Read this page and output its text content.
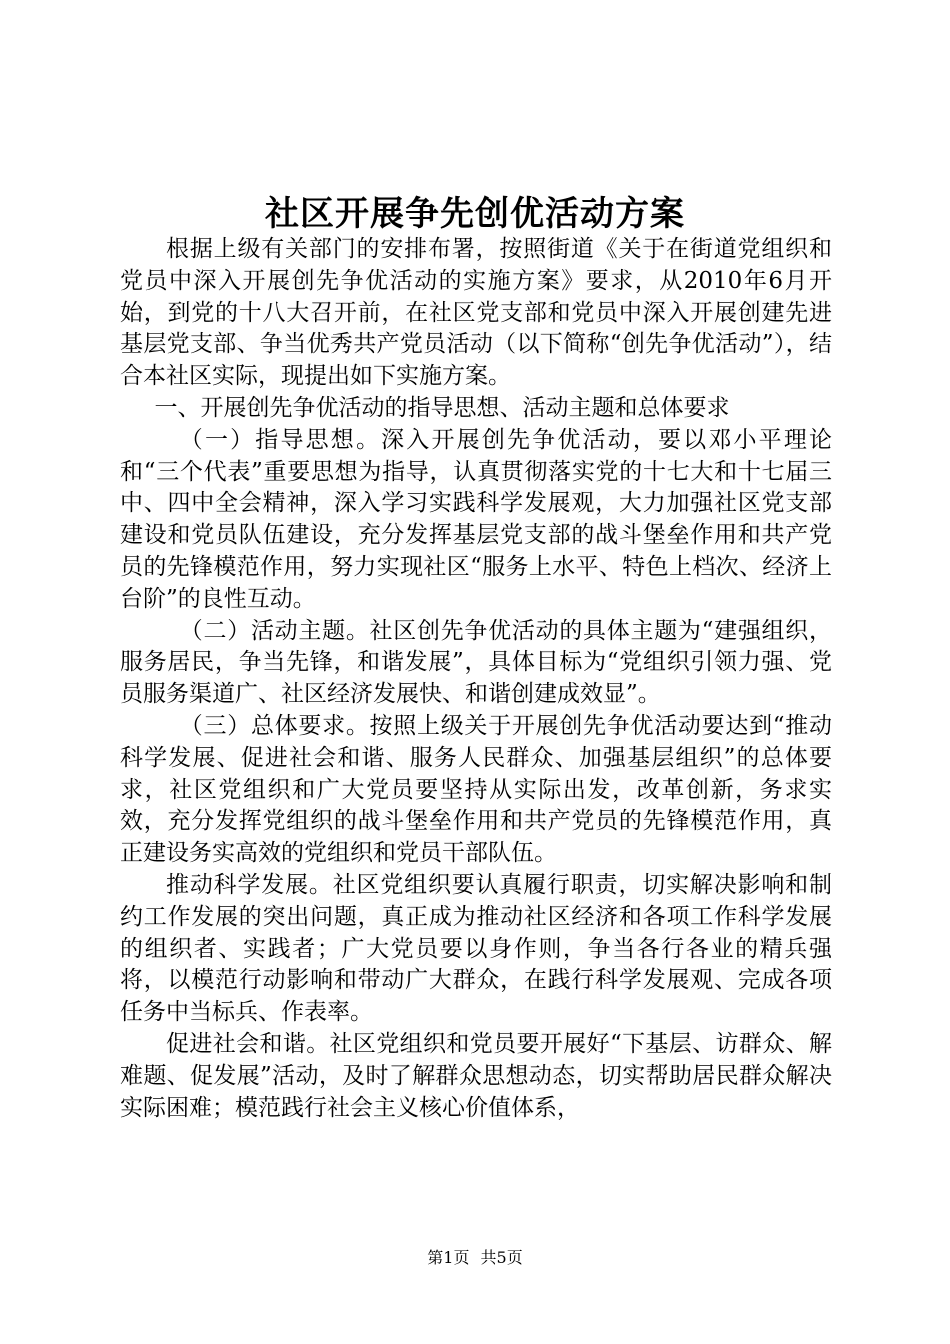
社区开展争先创优活动方案

根据上级有关部门的安排布署，按照街道《关于在街道党组织和党员中深入开展创先争优活动的实施方案》要求，从2010年6月开始，到党的十八大召开前，在社区党支部和党员中深入开展创建先进基层党支部、争当优秀共产党员活动（以下简称“创先争优活动”），结合本社区实际，现提出如下实施方案。

一、开展创先争优活动的指导思想、活动主题和总体要求

（一）指导思想。深入开展创先争优活动，要以邓小平理论和“三个代表”重要思想为指导，认真贯彻落实党的十七大和十七届三中、四中全会精神，深入学习实践科学发展观，大力加强社区党支部建设和党员队伍建设，充分发挥基层党支部的战斗堡垒作用和共产党员的先锋模范作用，努力实现社区“服务上水平、特色上档次、经济上台阶”的良性互动。

（二）活动主题。社区创先争优活动的具体主题为“建强组织，服务居民，争当先锋，和谐发展”，具体目标为“党组织引领力强、党员服务渠道广、社区经济发展快、和谐创建成效显”。

（三）总体要求。按照上级关于开展创先争优活动要达到“推动科学发展、促进社会和谐、服务人民群众、加强基层组织”的总体要求，社区党组织和广大党员要坚持从实际出发，改革创新，务求实效，充分发挥党组织的战斗堡垒作用和共产党员的先锋模范作用，真正建设务实高效的党组织和党员干部队伍。

推动科学发展。社区党组织要认真履行职责，切实解决影响和制约工作发展的突出问题，真正成为推动社区经济和各项工作科学发展的组织者、实践者；广大党员要以身作则，争当各行各业的精兵强将，以模范行动影响和带动广大群众，在践行科学发展观、完成各项任务中当标兵、作表率。

促进社会和谐。社区党组织和党员要开展好“下基层、访群众、解难题、促发展”活动，及时了解群众思想动态，切实帮助居民群众解决实际困难；模范践行社会主义核心价值体系，

第1页 共5页
